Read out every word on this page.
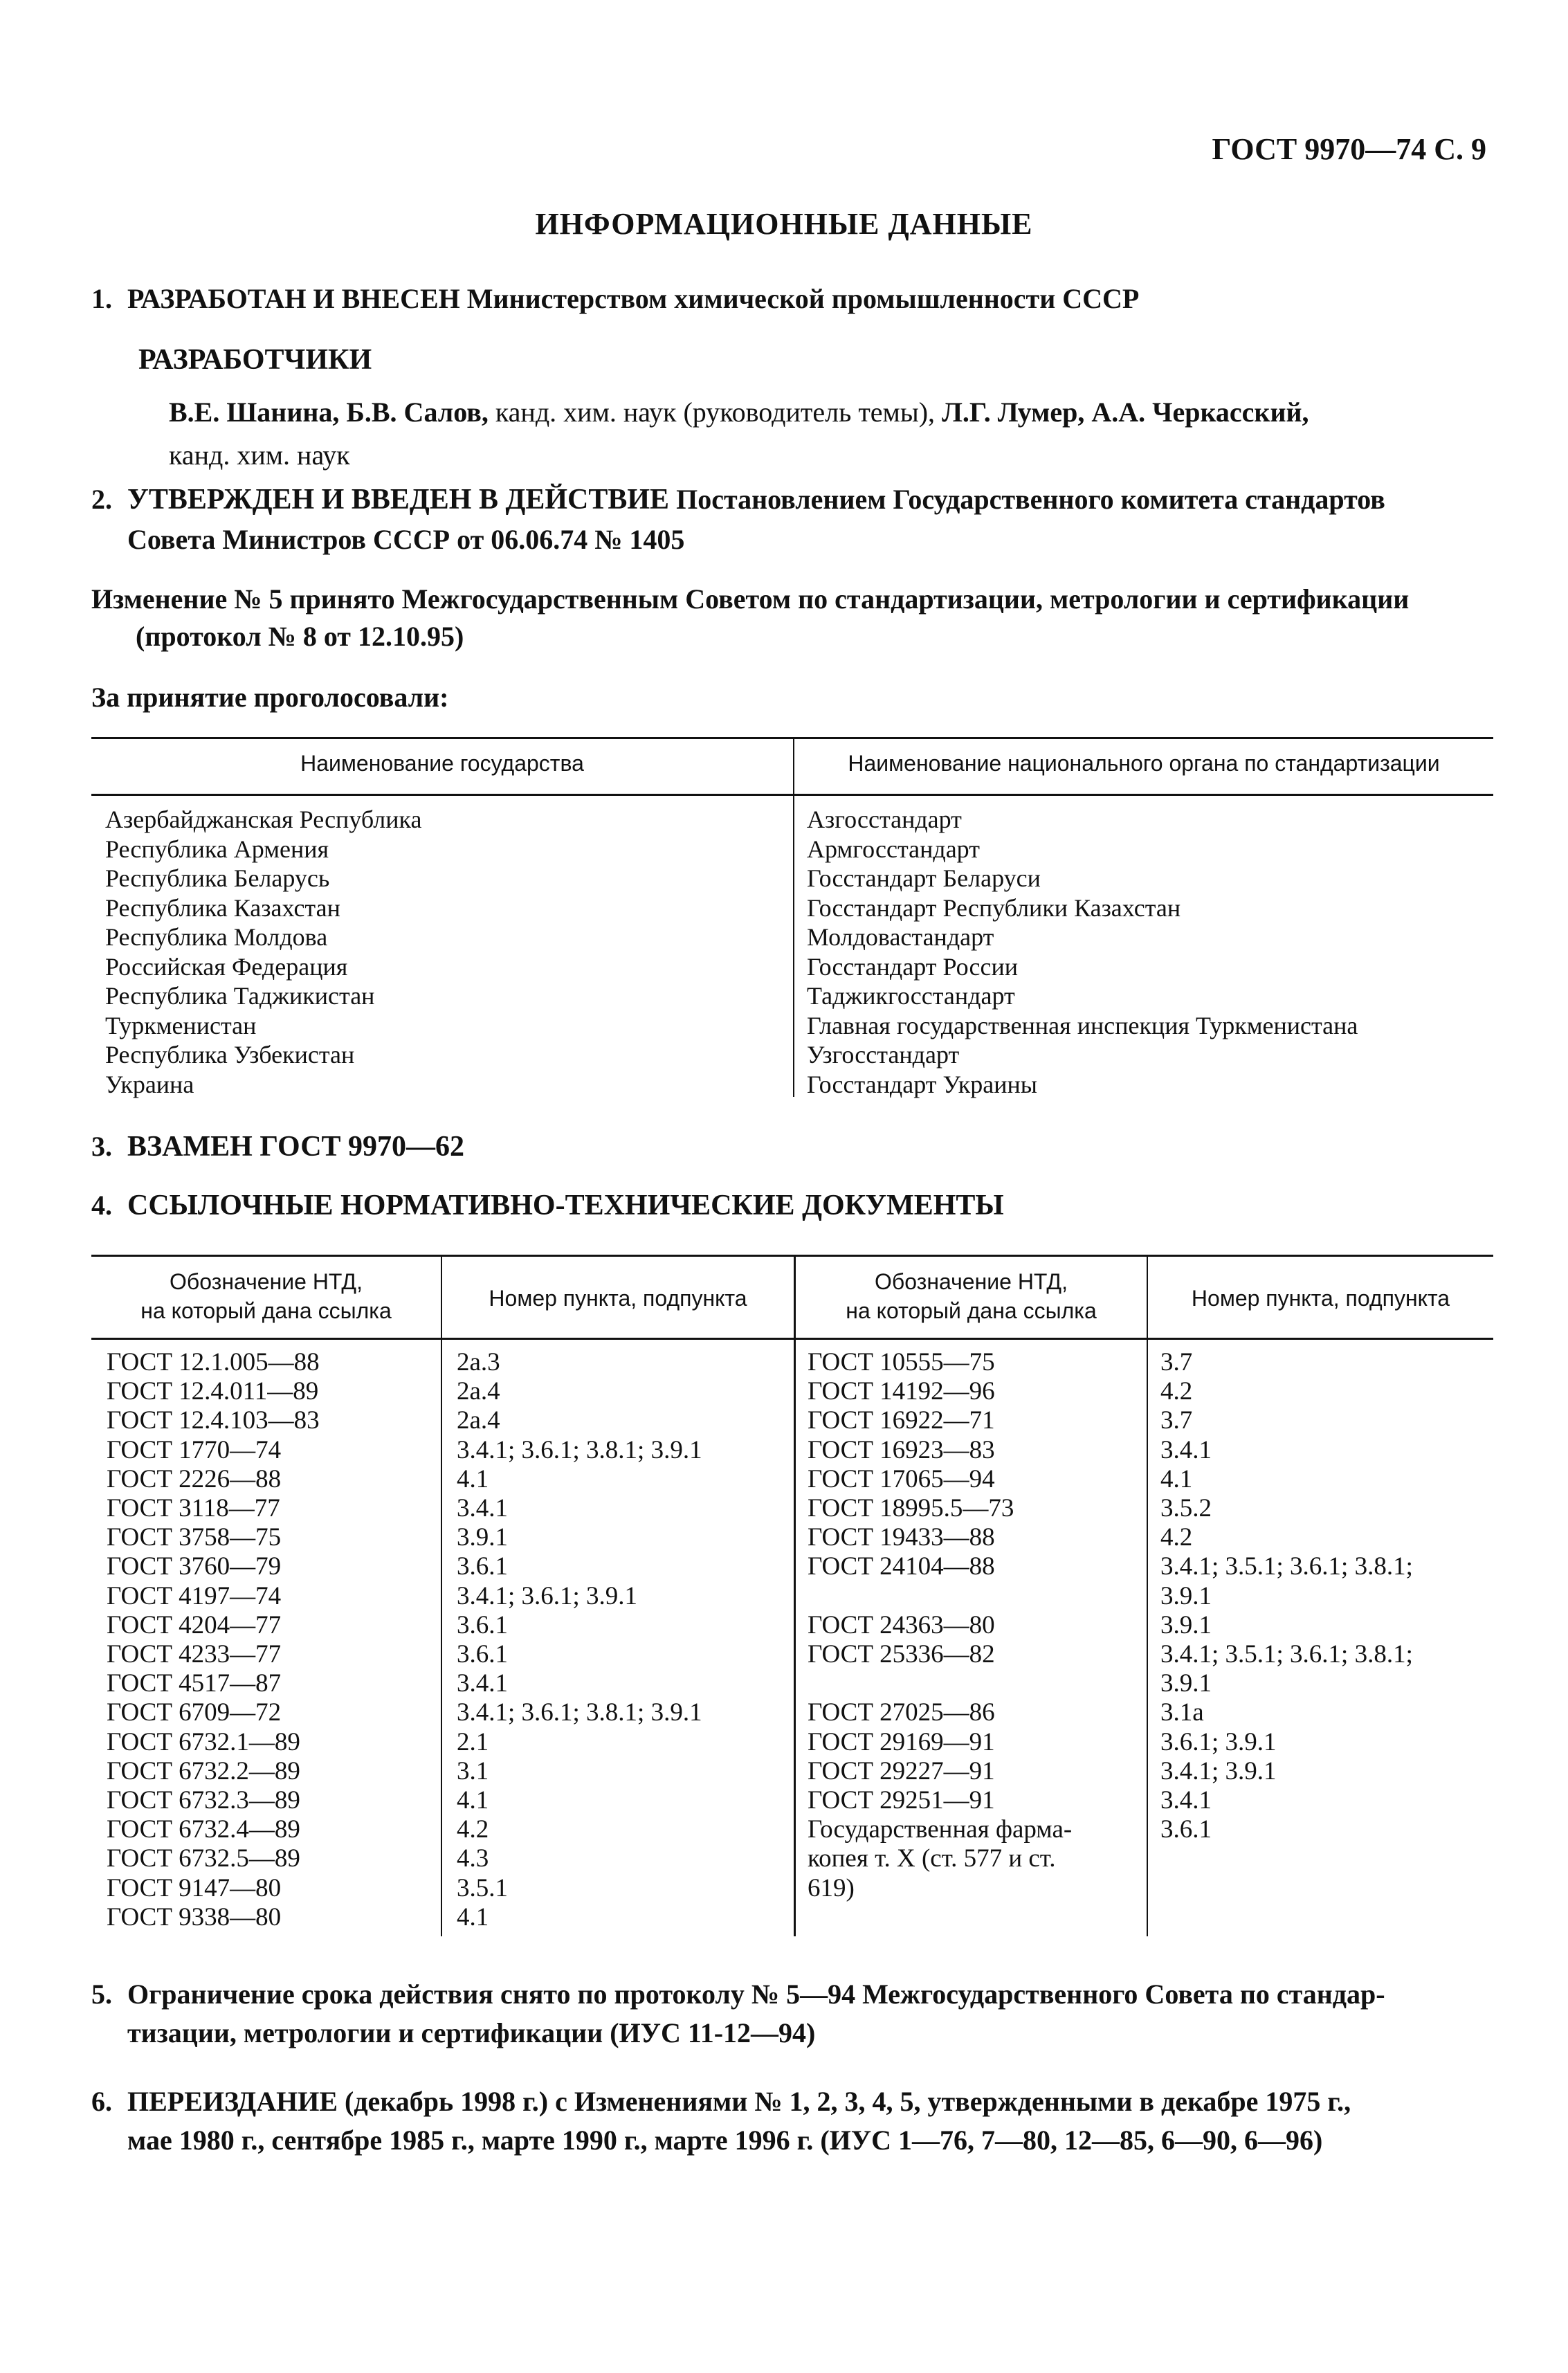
ГОСТ 9970—74 С. 9
ИНФОРМАЦИОННЫЕ ДАННЫЕ
1. РАЗРАБОТАН И ВНЕСЕН Министерством химической промышленности СССР
РАЗРАБОТЧИКИ
В.Е. Шанина, Б.В. Салов, канд. хим. наук (руководитель темы), Л.Г. Лумер, А.А. Черкасский,
канд. хим. наук
2. УТВЕРЖДЕН И ВВЕДЕН В ДЕЙСТВИЕ Постановлением Государственного комитета стандартов
Совета Министров СССР от 06.06.74 № 1405
Изменение № 5 принято Межгосударственным Советом по стандартизации, метрологии и сертификации
(протокол № 8 от 12.10.95)
За принятие проголосовали:
Наименование государства	Наименование национального органа по стандартизации
Азербайджанская Республика	Азгосстандарт
Республика Армения	Армгосстандарт
Республика Беларусь	Госстандарт Беларуси
Республика Казахстан	Госстандарт Республики Казахстан
Республика Молдова	Молдовастандарт
Российская Федерация	Госстандарт России
Республика Таджикистан	Таджикгосстандарт
Туркменистан	Главная государственная инспекция Туркменистана
Республика Узбекистан	Узгосстандарт
Украина	Госстандарт Украины
3. ВЗАМЕН ГОСТ 9970—62
4. ССЫЛОЧНЫЕ НОРМАТИВНО-ТЕХНИЧЕСКИЕ ДОКУМЕНТЫ
Обозначение НТД,
на который дана ссылка	Номер пункта, подпункта
Обозначение НТД,
на который дана ссылка	Номер пункта, подпункта
ГОСТ 12.1.005—88	2а.3
ГОСТ 12.4.011—89	2а.4
ГОСТ 12.4.103—83	2а.4
ГОСТ 1770—74	3.4.1; 3.6.1; 3.8.1; 3.9.1
ГОСТ 2226—88	4.1
ГОСТ 3118—77	3.4.1
ГОСТ 3758—75	3.9.1
ГОСТ 3760—79	3.6.1
ГОСТ 4197—74	3.4.1; 3.6.1; 3.9.1
ГОСТ 4204—77	3.6.1
ГОСТ 4233—77	3.6.1
ГОСТ 4517—87	3.4.1
ГОСТ 6709—72	3.4.1; 3.6.1; 3.8.1; 3.9.1
ГОСТ 6732.1—89	2.1
ГОСТ 6732.2—89	3.1
ГОСТ 6732.3—89	4.1
ГОСТ 6732.4—89	4.2
ГОСТ 6732.5—89	4.3
ГОСТ 9147—80	3.5.1
ГОСТ 9338—80	4.1
ГОСТ 10555—75	3.7
ГОСТ 14192—96	4.2
ГОСТ 16922—71	3.7
ГОСТ 16923—83	3.4.1
ГОСТ 17065—94	4.1
ГОСТ 18995.5—73	3.5.2
ГОСТ 19433—88	4.2
ГОСТ 24104—88	3.4.1; 3.5.1; 3.6.1; 3.8.1;
3.9.1
ГОСТ 24363—80	3.9.1
ГОСТ 25336—82	3.4.1; 3.5.1; 3.6.1; 3.8.1;
3.9.1
ГОСТ 27025—86	3.1а
ГОСТ 29169—91	3.6.1; 3.9.1
ГОСТ 29227—91	3.4.1; 3.9.1
ГОСТ 29251—91	3.4.1
Государственная фарма-	3.6.1
копея т. X (ст. 577 и ст.
619)
5. Ограничение срока действия снято по протоколу № 5—94 Межгосударственного Совета по стандар-
тизации, метрологии и сертификации (ИУС 11-12—94)
6. ПЕРЕИЗДАНИЕ (декабрь 1998 г.) с Изменениями № 1, 2, 3, 4, 5, утвержденными в декабре 1975 г.,
мае 1980 г., сентябре 1985 г., марте 1990 г., марте 1996 г. (ИУС 1—76, 7—80, 12—85, 6—90, 6—96)
